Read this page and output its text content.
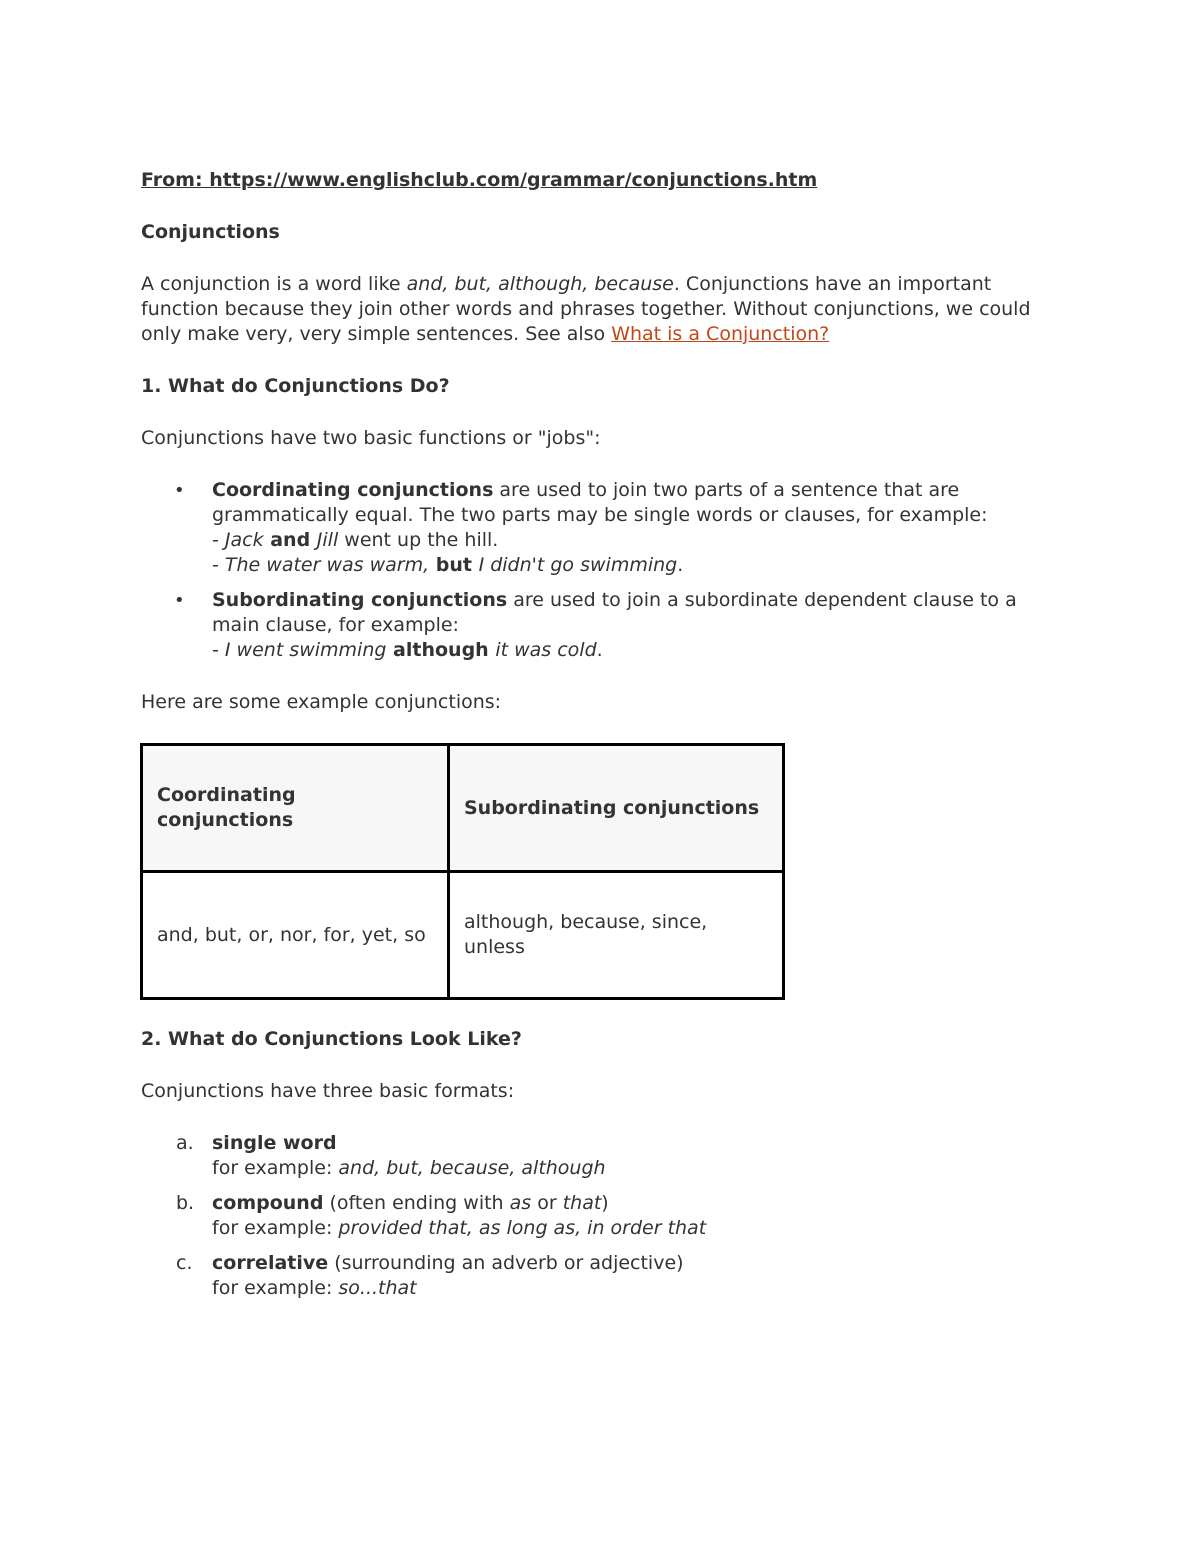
From: https://www.englishclub.com/grammar/conjunctions.htm

Conjunctions

A conjunction is a word like and, but, although, because. Conjunctions have an important function because they join other words and phrases together. Without conjunctions, we could only make very, very simple sentences. See also What is a Conjunction?

1. What do Conjunctions Do?

Conjunctions have two basic functions or "jobs":

• Coordinating conjunctions are used to join two parts of a sentence that are grammatically equal. The two parts may be single words or clauses, for example:
- Jack and Jill went up the hill.
- The water was warm, but I didn't go swimming.
• Subordinating conjunctions are used to join a subordinate dependent clause to a main clause, for example:
- I went swimming although it was cold.

Here are some example conjunctions:

Coordinating conjunctions	Subordinating conjunctions
and, but, or, nor, for, yet, so	although, because, since, unless

2. What do Conjunctions Look Like?

Conjunctions have three basic formats:

a. single word
for example: and, but, because, although
b. compound (often ending with as or that)
for example: provided that, as long as, in order that
c. correlative (surrounding an adverb or adjective)
for example: so...that
